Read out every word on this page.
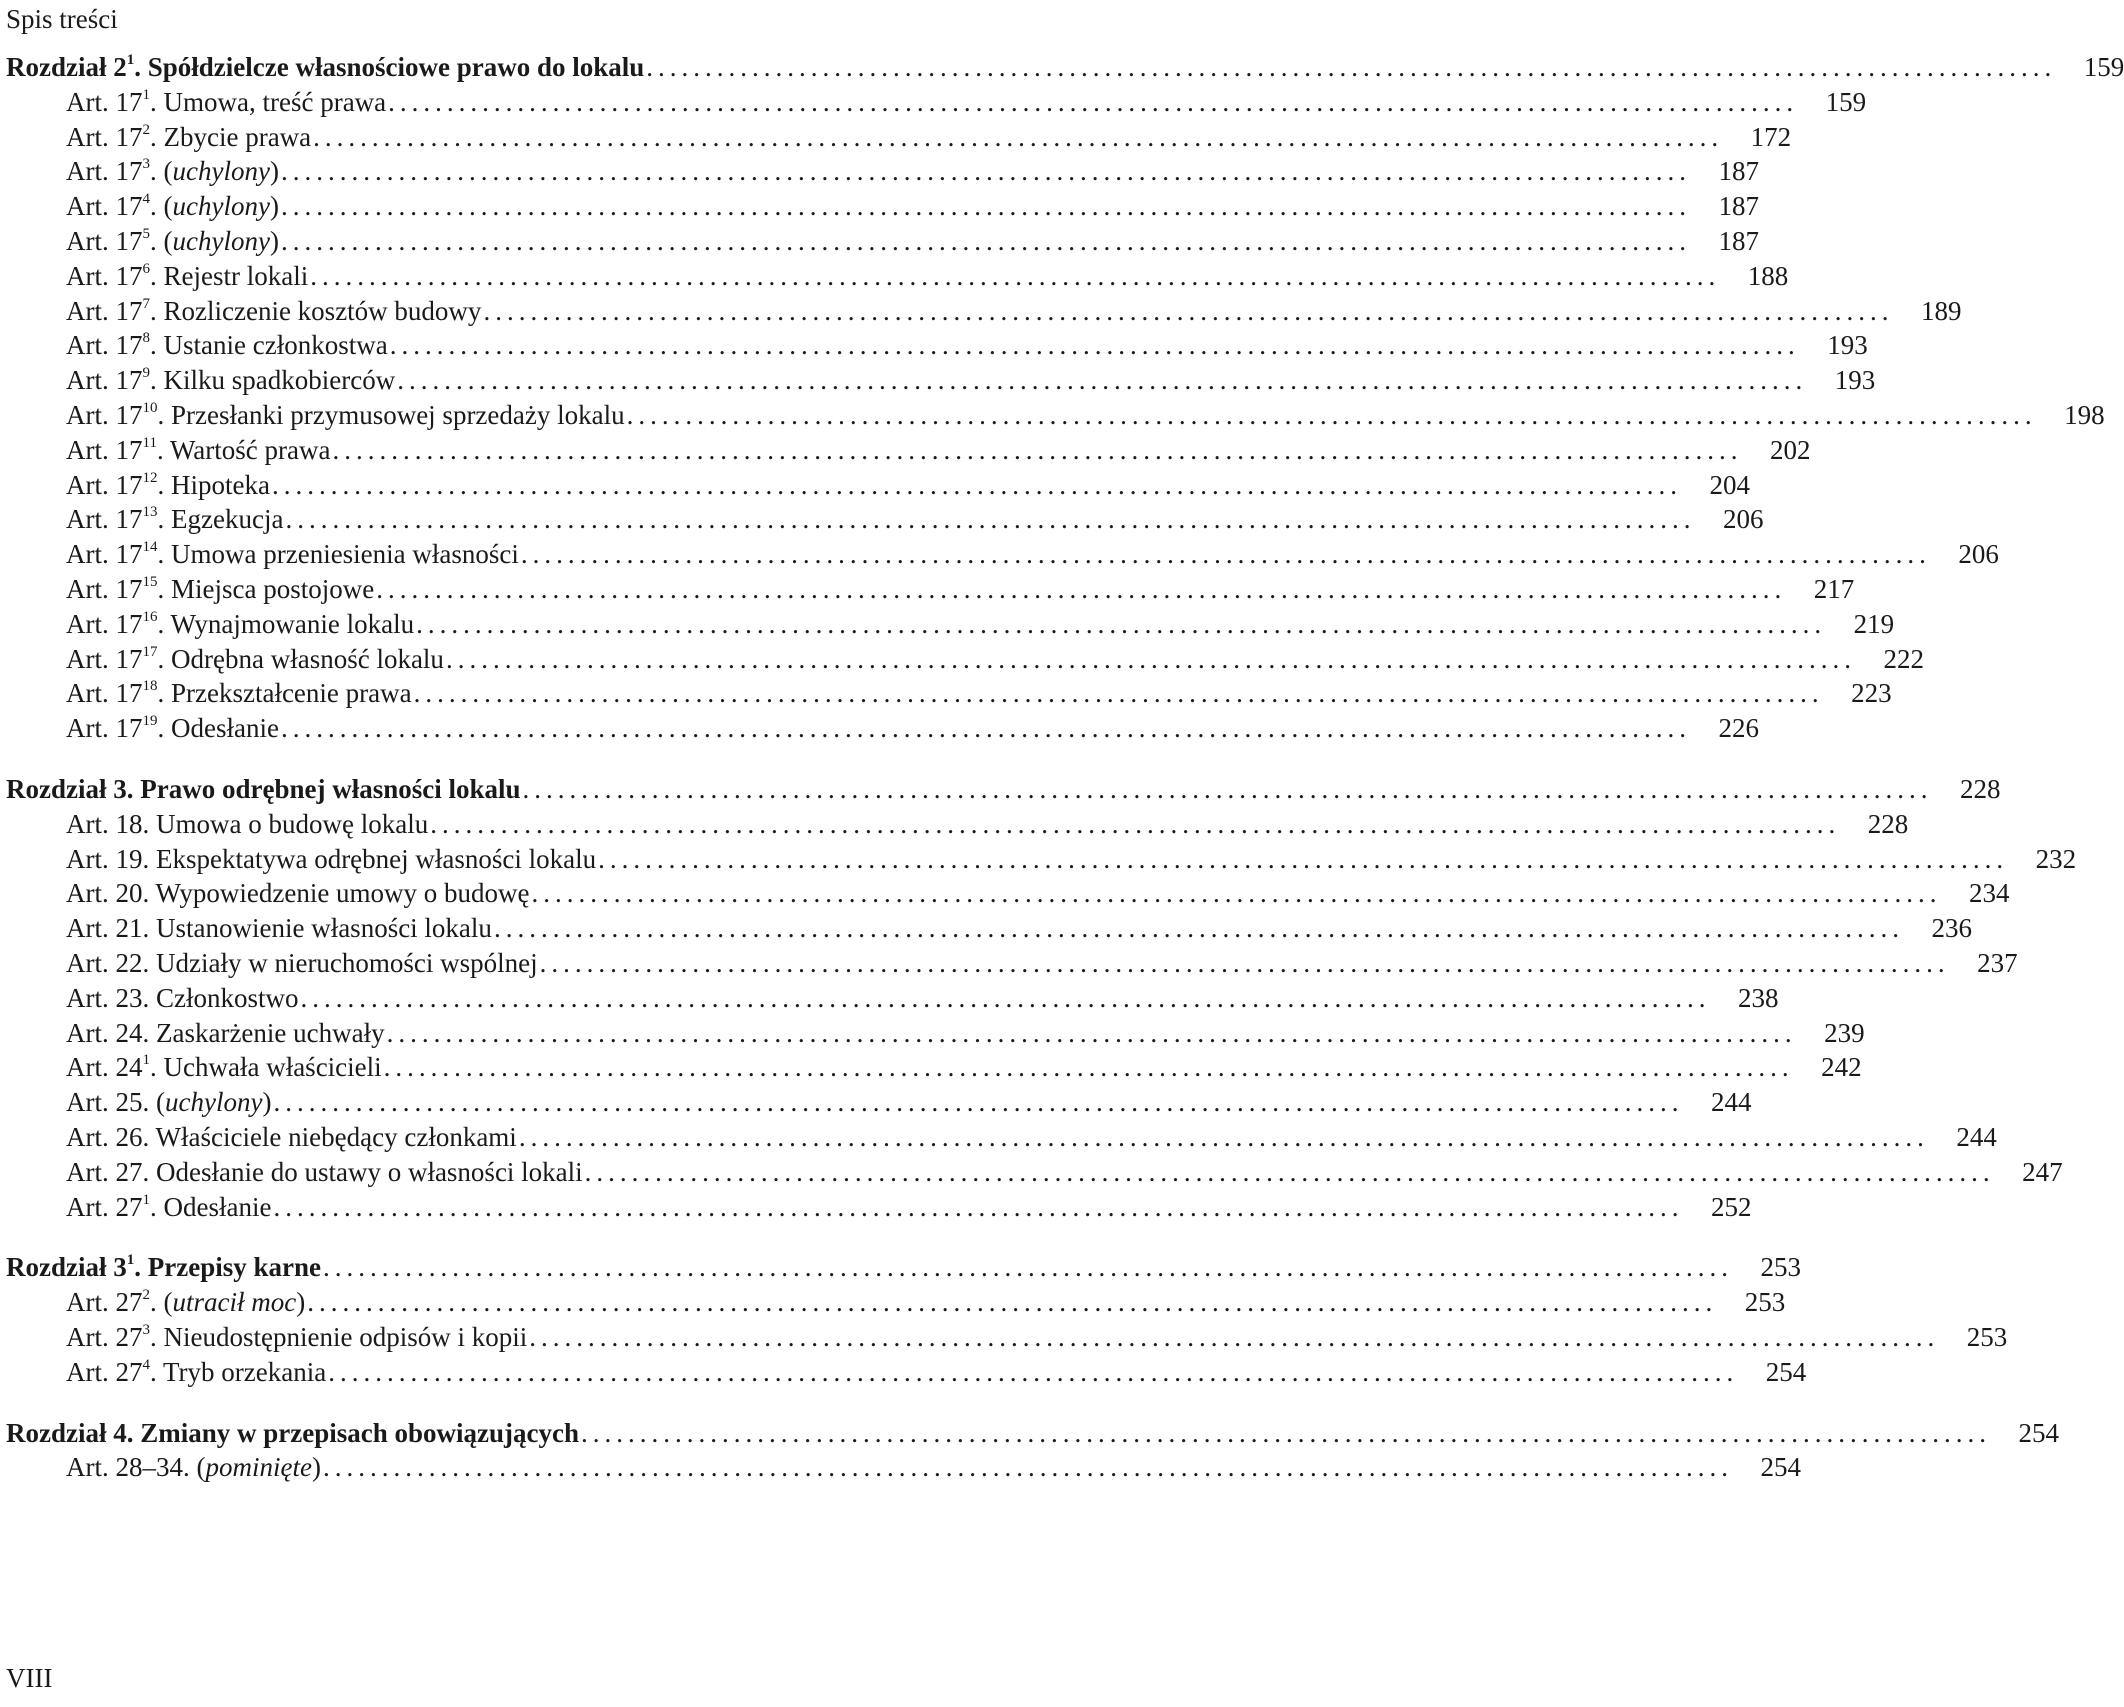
Spis treści
Rozdział $2^1$. Spółdzielcze własnościowe prawo do lokalu ........................................................................................................................	159
Art. $17^1$. Umowa, treść prawa ........................................................................................................................	159
Art. $17^2$. Zbycie prawa ........................................................................................................................	172
Art. $17^3$. (uchylony) ........................................................................................................................	187
Art. $17^4$. (uchylony) ........................................................................................................................	187
Art. $17^5$. (uchylony) ........................................................................................................................	187
Art. $17^6$. Rejestr lokali ........................................................................................................................	188
Art. $17^7$. Rozliczenie kosztów budowy ........................................................................................................................	189
Art. $17^8$. Ustanie członkostwa ........................................................................................................................	193
Art. $17^9$. Kilku spadkobierców ........................................................................................................................	193
Art. $17^{10}$. Przesłanki przymusowej sprzedaży lokalu ........................................................................................................................	198
Art. $17^{11}$. Wartość prawa ........................................................................................................................	202
Art. $17^{12}$. Hipoteka ........................................................................................................................	204
Art. $17^{13}$. Egzekucja ........................................................................................................................	206
Art. $17^{14}$. Umowa przeniesienia własności ........................................................................................................................	206
Art. $17^{15}$. Miejsca postojowe ........................................................................................................................	217
Art. $17^{16}$. Wynajmowanie lokalu ........................................................................................................................	219
Art. $17^{17}$. Odrębna własność lokalu ........................................................................................................................	222
Art. $17^{18}$. Przekształcenie prawa ........................................................................................................................	223
Art. $17^{19}$. Odesłanie ........................................................................................................................	226
Rozdział 3. Prawo odrębnej własności lokalu ........................................................................................................................	228
Art. 18. Umowa o budowę lokalu ........................................................................................................................	228
Art. 19. Ekspektatywa odrębnej własności lokalu ........................................................................................................................	232
Art. 20. Wypowiedzenie umowy o budowę ........................................................................................................................	234
Art. 21. Ustanowienie własności lokalu ........................................................................................................................	236
Art. 22. Udziały w nieruchomości wspólnej ........................................................................................................................	237
Art. 23. Członkostwo ........................................................................................................................	238
Art. 24. Zaskarżenie uchwały ........................................................................................................................	239
Art. $24^1$. Uchwała właścicieli ........................................................................................................................	242
Art. 25. (uchylony) ........................................................................................................................	244
Art. 26. Właściciele niebędący członkami ........................................................................................................................	244
Art. 27. Odesłanie do ustawy o własności lokali ........................................................................................................................	247
Art. $27^1$. Odesłanie ........................................................................................................................	252
Rozdział $3^1$. Przepisy karne ........................................................................................................................	253
Art. $27^2$. (utracił moc) ........................................................................................................................	253
Art. $27^3$. Nieudostępnienie odpisów i kopii ........................................................................................................................	253
Art. $27^4$. Tryb orzekania ........................................................................................................................	254
Rozdział 4. Zmiany w przepisach obowiązujących ........................................................................................................................	254
Art. 28–34. (pominięte) ........................................................................................................................	254
VIII
